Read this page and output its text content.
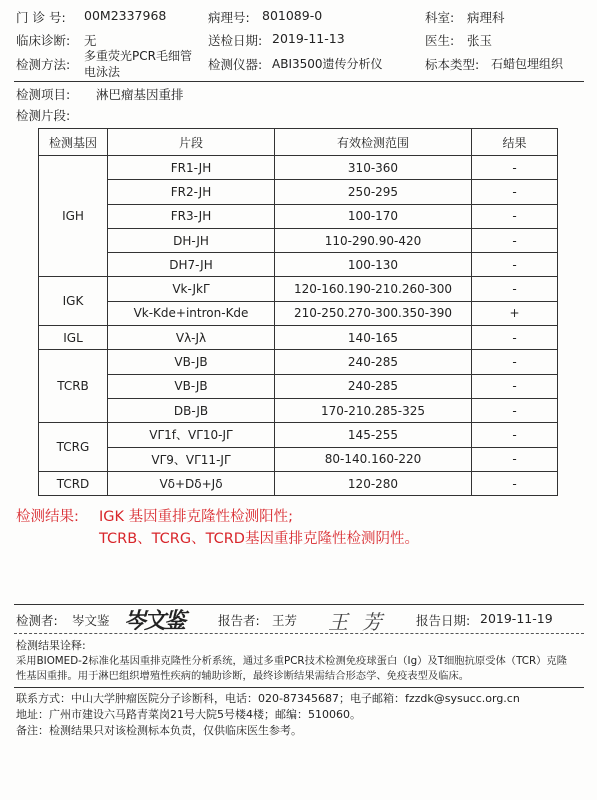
门 诊 号: 00M2337968	病理号: 801089-0	科室: 病理科
临床诊断: 无	送检日期: 2019-11-13	医生: 张玉
检测方法:
多重荧光PCR毛细管
电泳法	检测仪器: ABI3500遗传分析仪	标本类型: 石蜡包埋组织
检测项目: 淋巴瘤基因重排
检测片段:
检测基因	片段	有效检测范围	结果
IGH	FR1-JH	310-360	-
	FR2-JH	250-295	-
	FR3-JH	100-170	-
	DH-JH	110-290.90-420	-
	DH7-JH	100-130	-
IGK	Vk-JkΓ	120-160.190-210.260-300	-
	Vk-Kde+intron-Kde	210-250.270-300.350-390	+
IGL	Vλ-Jλ	140-165	-
TCRB	VB-JB	240-285	-
	VB-JB	240-285	-
	DB-JB	170-210.285-325	-
TCRG	VΓ1f、VΓ10-JΓ	145-255	-
	VΓ9、VΓ11-JΓ	80-140.160-220	-
TCRD	Vδ+Dδ+Jδ	120-280	-
检测结果: IGK 基因重排克隆性检测阳性;
TCRB、TCRG、TCRD基因重排克隆性检测阴性。
检测者: 岑文鉴 岑文鉴	报告者: 王芳 王芳 报告日期: 2019-11-19
检测结果诠释:
采用BIOMED-2标准化基因重排克隆性分析系统，通过多重PCR技术检测免疫球蛋白（Ig）及T细胞抗原受体（TCR）克隆
性基因重排。用于淋巴组织增殖性疾病的辅助诊断，最终诊断结果需结合形态学、免疫表型及临床。
联系方式：中山大学肿瘤医院分子诊断科，电话：020-87345687；电子邮箱：fzzdk@sysucc.org.cn
地址：广州市建设六马路青菜岗21号大院5号楼4楼；邮编：510060。
备注：检测结果只对该检测标本负责，仅供临床医生参考。
